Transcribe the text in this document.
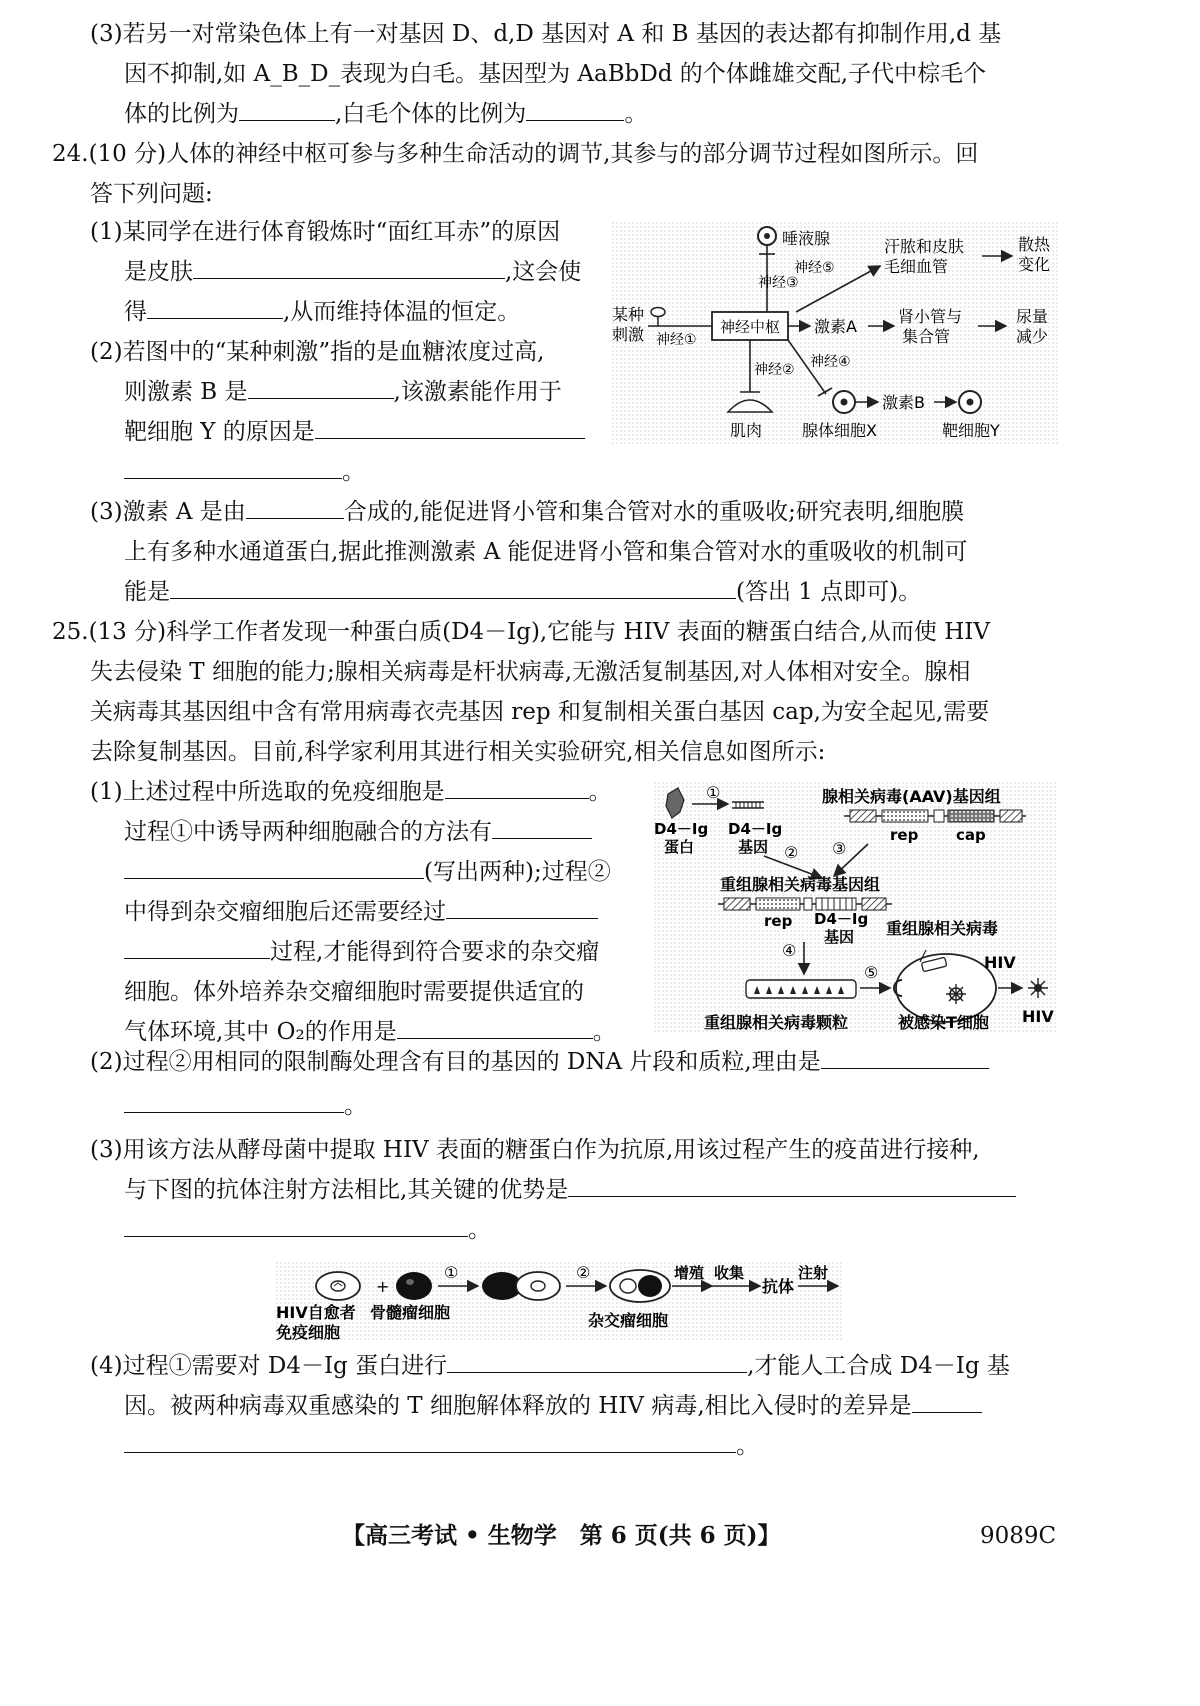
(3)若另一对常染色体上有一对基因 D、d,D 基因对 A 和 B 基因的表达都有抑制作用,d 基
因不抑制,如 A_B_D_表现为白毛。基因型为 AaBbDd 的个体雌雄交配,子代中棕毛个
体的比例为	,白毛个体的比例为	。
24.(10 分)人体的神经中枢可参与多种生命活动的调节,其参与的部分调节过程如图所示。回
答下列问题:
(1)某同学在进行体育锻炼时“面红耳赤”的原因
是皮肤	,这会使
得	,从而维持体温的恒定。
(2)若图中的“某种刺激”指的是血糖浓度过高,
则激素 B 是	,该激素能作用于
靶细胞 Y 的原因是
。
唾液腺
神经⑤
神经③
汗脓和皮肤
毛细血管
散热
变化
某种
刺激 神经①
神经中枢 激素A
肾小管与
集合管
尿量
减少
神经④
神经②
肌肉
激素B
腺体细胞X	靶细胞Y
(3)激素 A 是由	合成的,能促进肾小管和集合管对水的重吸收;研究表明,细胞膜
上有多种水通道蛋白,据此推测激素 A 能促进肾小管和集合管对水的重吸收的机制可
能是	(答出 1 点即可)。
25.(13 分)科学工作者发现一种蛋白质(D4－Ig),它能与 HIV 表面的糖蛋白结合,从而使 HIV
失去侵染 T 细胞的能力;腺相关病毒是杆状病毒,无激活复制基因,对人体相对安全。腺相
关病毒其基因组中含有常用病毒衣壳基因 rep 和复制相关蛋白基因 cap,为安全起见,需要
去除复制基因。目前,科学家利用其进行相关实验研究,相关信息如图所示:
(1)上述过程中所选取的免疫细胞是	。
过程①中诱导两种细胞融合的方法有
(写出两种);过程②
中得到杂交瘤细胞后还需要经过
过程,才能得到符合要求的杂交瘤
细胞。体外培养杂交瘤细胞时需要提供适宜的
气体环境,其中 O₂的作用是	。
①
D4－Ig
蛋白
D4－Ig
基因
腺相关病毒(AAV)基因组
rep	cap
② ③
重组腺相关病毒基因组
rep D4－Ig
基因 重组腺相关病毒
④
⑤
HIV
重组腺相关病毒颗粒	被感染T细胞 HIV
(2)过程②用相同的限制酶处理含有目的基因的 DNA 片段和质粒,理由是
。
(3)用该方法从酵母菌中提取 HIV 表面的糖蛋白作为抗原,用该过程产生的疫苗进行接种,
与下图的抗体注射方法相比,其关键的优势是
。
+
①	②	增殖 收集
抗体
注射
HIV自愈者
免疫细胞
骨髓瘤细胞	杂交瘤细胞
(4)过程①需要对 D4－Ig 蛋白进行	,才能人工合成 D4－Ig 基
因。被两种病毒双重感染的 T 细胞解体释放的 HIV 病毒,相比入侵时的差异是
。
【高三考试 • 生物学　第 6 页(共 6 页)】	9089C
